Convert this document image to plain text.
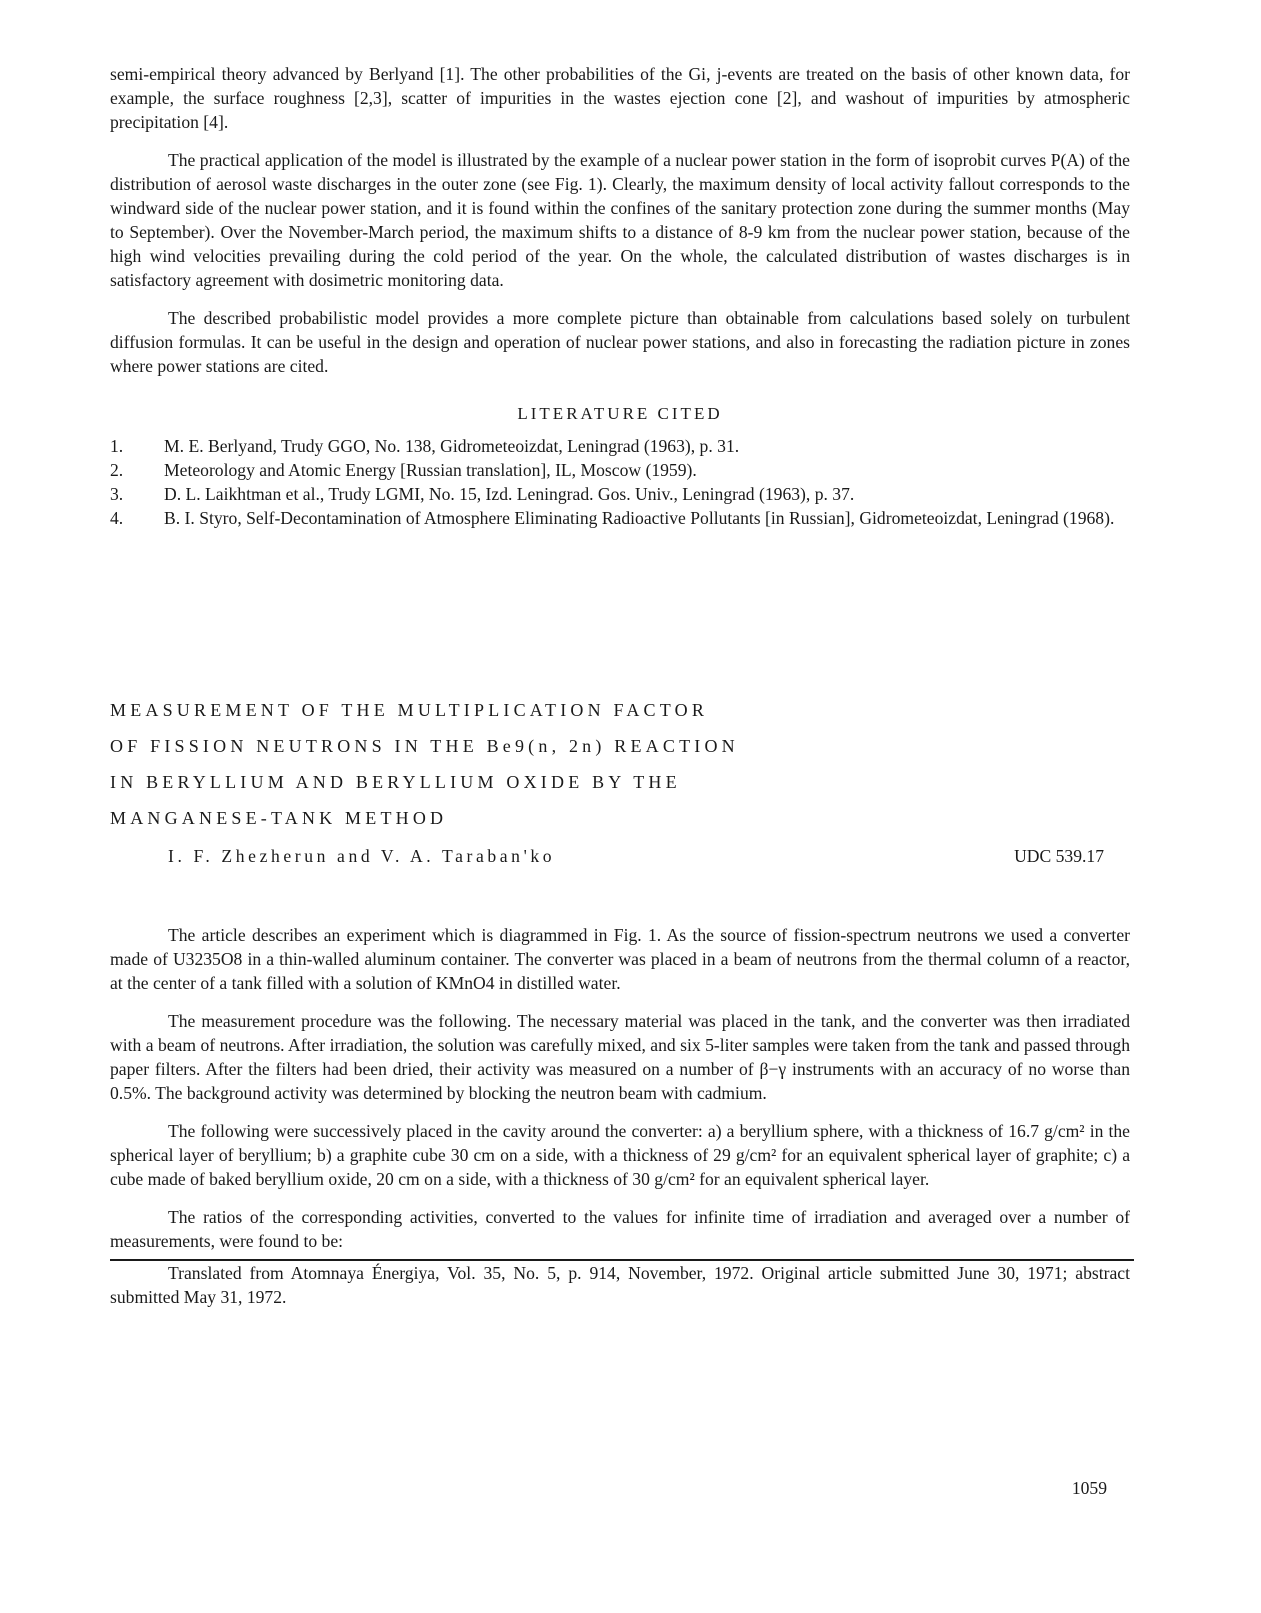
semi-empirical theory advanced by Berlyand [1]. The other probabilities of the Gi, j-events are treated on the basis of other known data, for example, the surface roughness [2,3], scatter of impurities in the wastes ejection cone [2], and washout of impurities by atmospheric precipitation [4].

The practical application of the model is illustrated by the example of a nuclear power station in the form of isoprobit curves P(A) of the distribution of aerosol waste discharges in the outer zone (see Fig. 1). Clearly, the maximum density of local activity fallout corresponds to the windward side of the nuclear power station, and it is found within the confines of the sanitary protection zone during the summer months (May to September). Over the November-March period, the maximum shifts to a distance of 8-9 km from the nuclear power station, because of the high wind velocities prevailing during the cold period of the year. On the whole, the calculated distribution of wastes discharges is in satisfactory agreement with dosimetric monitoring data.

The described probabilistic model provides a more complete picture than obtainable from calculations based solely on turbulent diffusion formulas. It can be useful in the design and operation of nuclear power stations, and also in forecasting the radiation picture in zones where power stations are cited.

LITERATURE CITED
1.	M. E. Berlyand, Trudy GGO, No. 138, Gidrometeoizdat, Leningrad (1963), p. 31.
2.	Meteorology and Atomic Energy [Russian translation], IL, Moscow (1959).
3.	D. L. Laikhtman et al., Trudy LGMI, No. 15, Izd. Leningrad. Gos. Univ., Leningrad (1963), p. 37.
4.	B. I. Styro, Self-Decontamination of Atmosphere Eliminating Radioactive Pollutants [in Russian], Gidrometeoizdat, Leningrad (1968).
MEASUREMENT OF THE MULTIPLICATION FACTOR
OF FISSION NEUTRONS IN THE Be9(n, 2n) REACTION
IN BERYLLIUM AND BERYLLIUM OXIDE BY THE
MANGANESE-TANK METHOD
I. F. Zhezherun and V. A. Taraban'ko	UDC 539.17

The article describes an experiment which is diagrammed in Fig. 1. As the source of fission-spectrum neutrons we used a converter made of U3235O8 in a thin-walled aluminum container. The converter was placed in a beam of neutrons from the thermal column of a reactor, at the center of a tank filled with a solution of KMnO4 in distilled water.

The measurement procedure was the following. The necessary material was placed in the tank, and the converter was then irradiated with a beam of neutrons. After irradiation, the solution was carefully mixed, and six 5-liter samples were taken from the tank and passed through paper filters. After the filters had been dried, their activity was measured on a number of β−γ instruments with an accuracy of no worse than 0.5%. The background activity was determined by blocking the neutron beam with cadmium.

The following were successively placed in the cavity around the converter: a) a beryllium sphere, with a thickness of 16.7 g/cm² in the spherical layer of beryllium; b) a graphite cube 30 cm on a side, with a thickness of 29 g/cm² for an equivalent spherical layer of graphite; c) a cube made of baked beryllium oxide, 20 cm on a side, with a thickness of 30 g/cm² for an equivalent spherical layer.

The ratios of the corresponding activities, converted to the values for infinite time of irradiation and averaged over a number of measurements, were found to be:

Translated from Atomnaya Énergiya, Vol. 35, No. 5, p. 914, November, 1972. Original article submitted June 30, 1971; abstract submitted May 31, 1972.

1059
